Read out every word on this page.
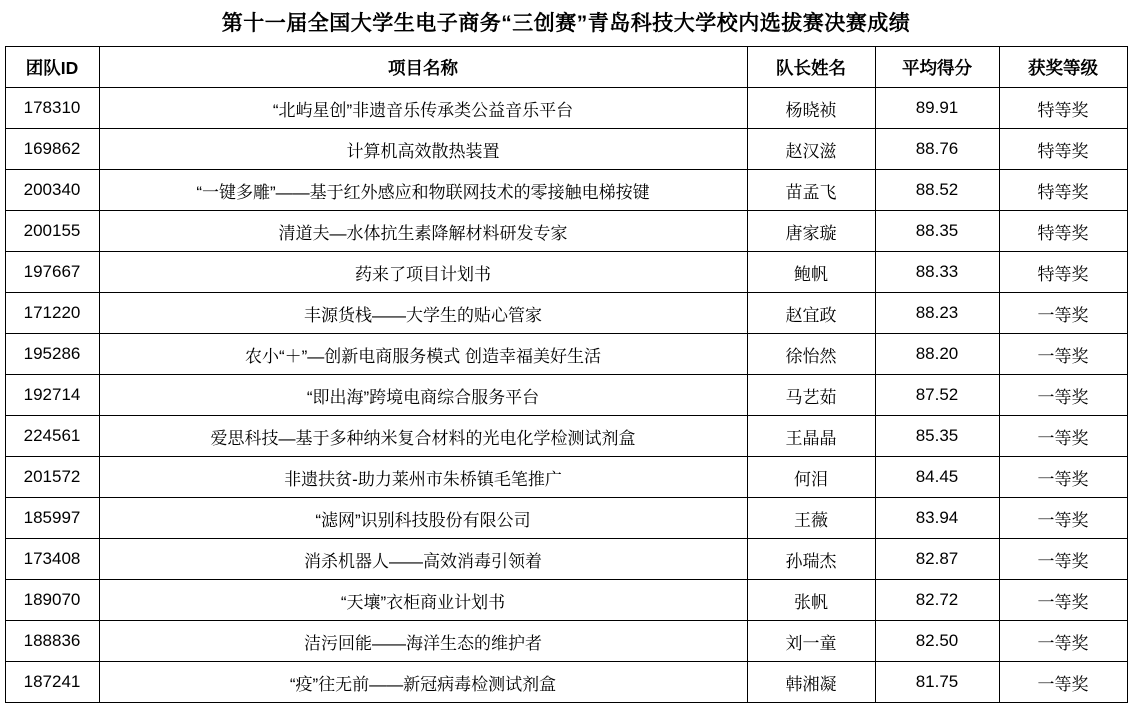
第十一届全国大学生电子商务“三创赛”青岛科技大学校内选拔赛决赛成绩
团队ID	项目名称	队长姓名	平均得分	获奖等级
178310	“北屿星创”非遗音乐传承类公益音乐平台	杨晓祯	89.91	特等奖
169862	计算机高效散热装置	赵汉滋	88.76	特等奖
200340	“一键多雕”——基于红外感应和物联网技术的零接触电梯按键	苗孟飞	88.52	特等奖
200155	清道夫—水体抗生素降解材料研发专家	唐家璇	88.35	特等奖
197667	药来了项目计划书	鲍帆	88.33	特等奖
171220	丰源货栈——大学生的贴心管家	赵宜政	88.23	一等奖
195286	农小“＋”—创新电商服务模式 创造幸福美好生活	徐怡然	88.20	一等奖
192714	“即出海”跨境电商综合服务平台	马艺茹	87.52	一等奖
224561	爱思科技—基于多种纳米复合材料的光电化学检测试剂盒	王晶晶	85.35	一等奖
201572	非遗扶贫-助力莱州市朱桥镇毛笔推广	何泪	84.45	一等奖
185997	“滤网”识别科技股份有限公司	王薇	83.94	一等奖
173408	消杀机器人——高效消毒引领着	孙瑞杰	82.87	一等奖
189070	“天壤”衣柜商业计划书	张帆	82.72	一等奖
188836	洁污回能——海洋生态的维护者	刘一童	82.50	一等奖
187241	“疫”往无前——新冠病毒检测试剂盒	韩湘凝	81.75	一等奖
